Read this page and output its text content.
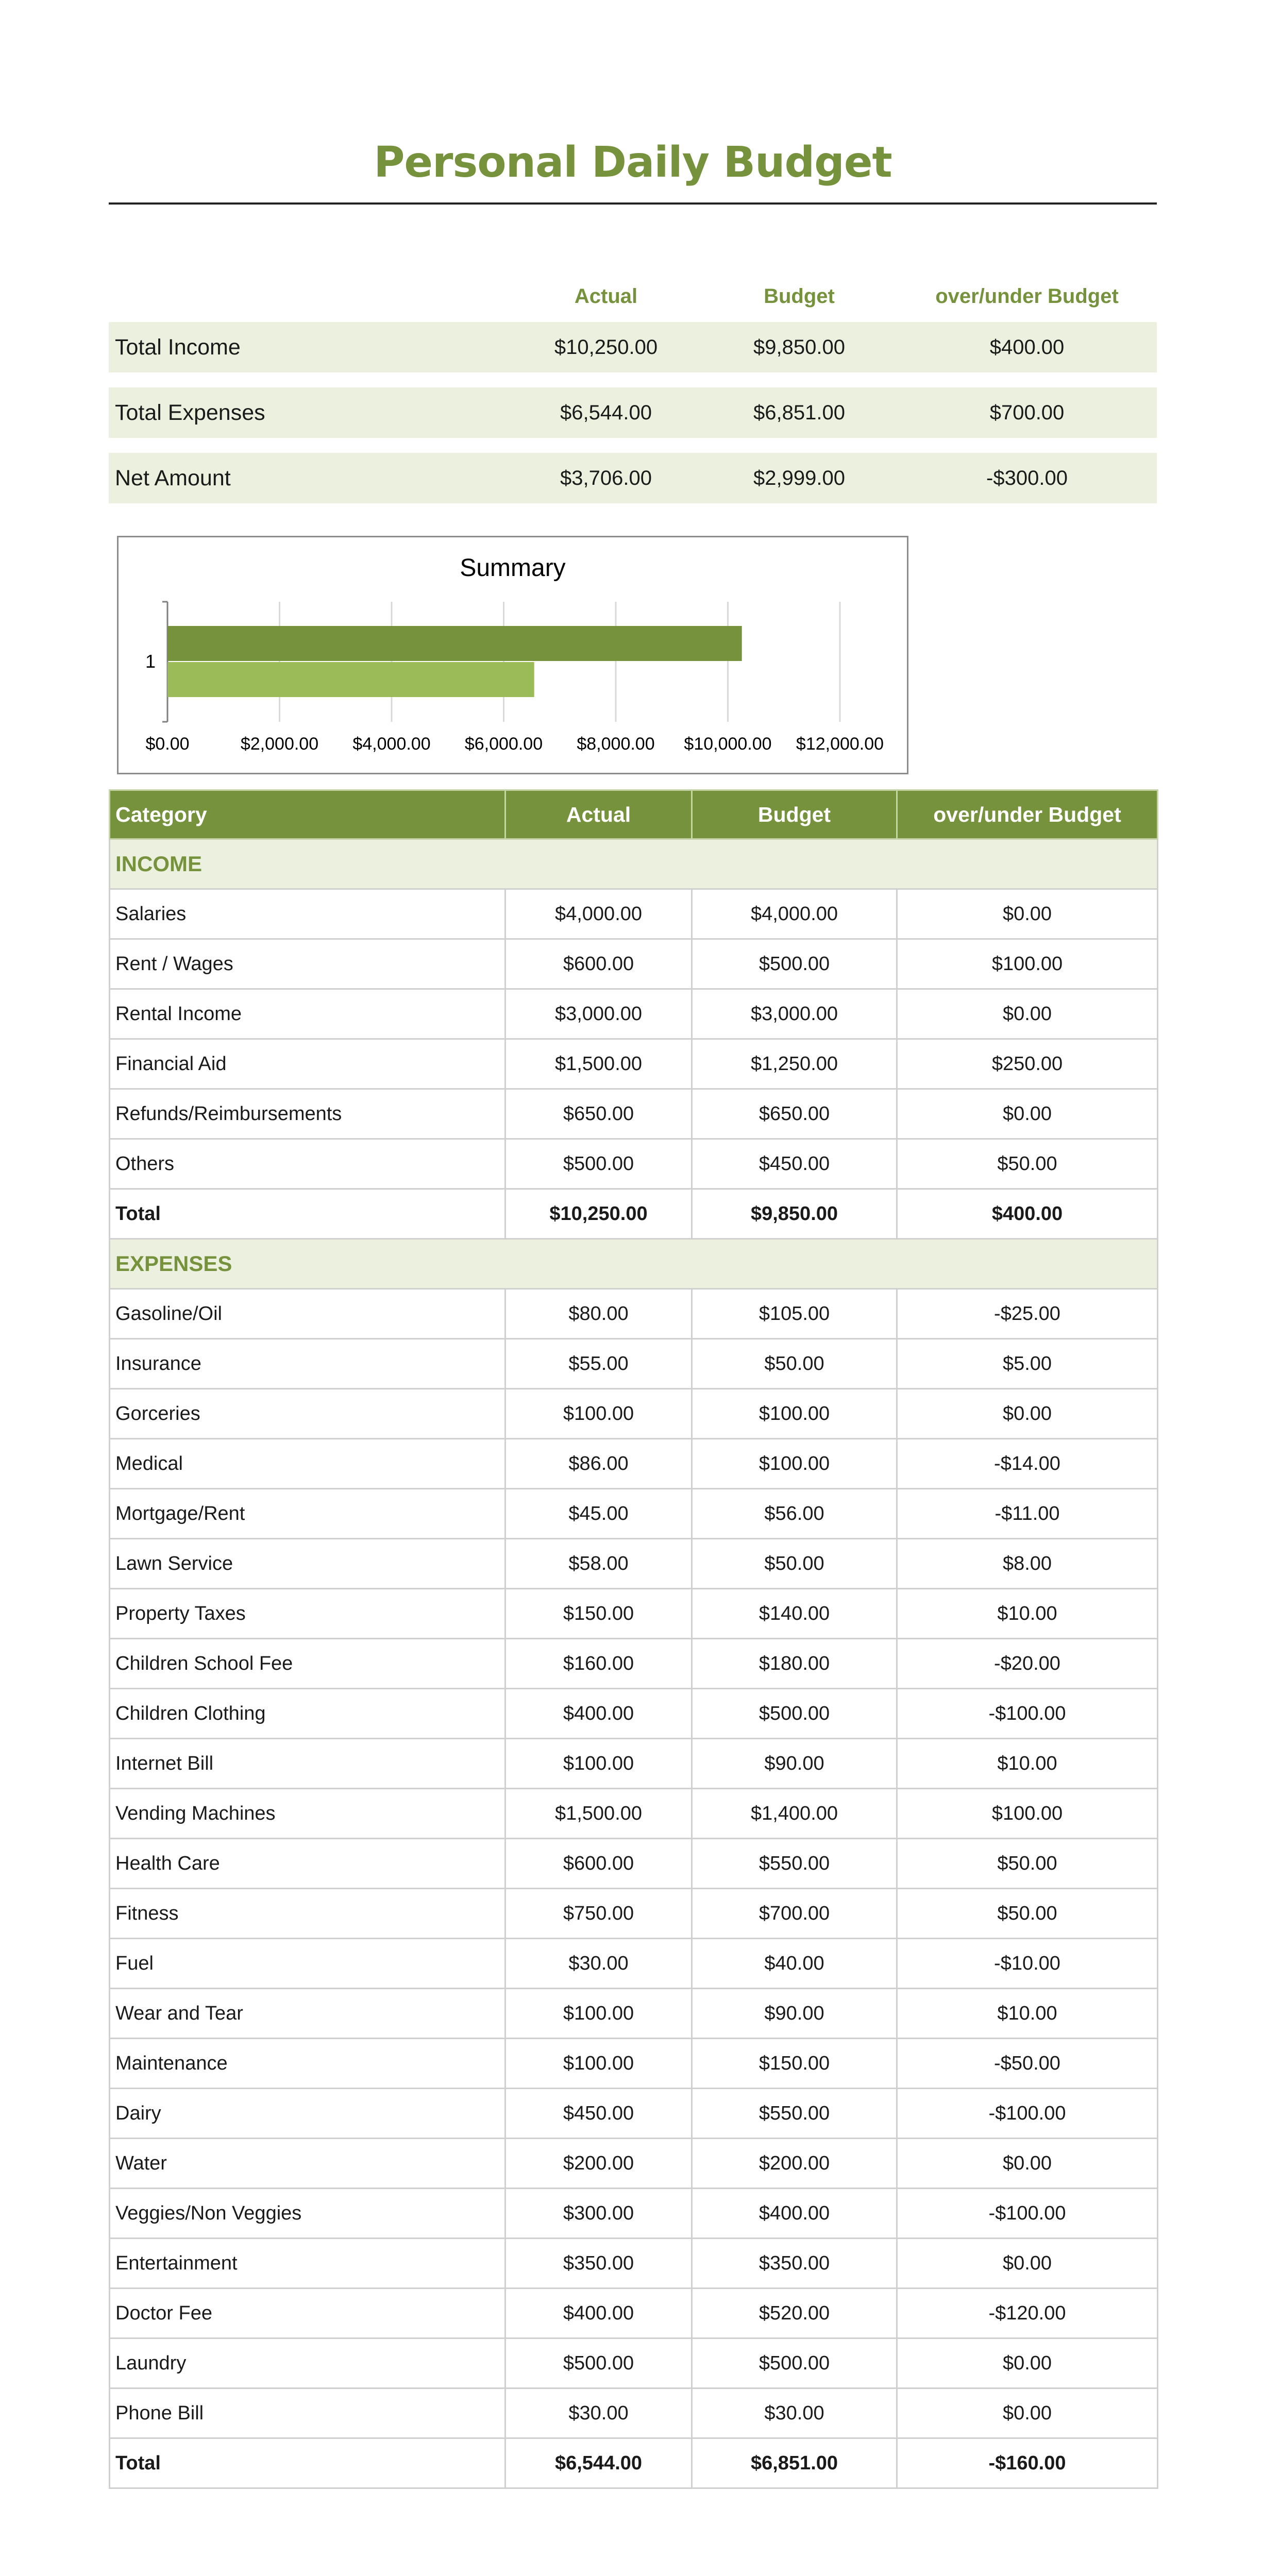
Personal Daily Budget
Actual	Budget	over/under Budget
Total Income	$10,250.00	$9,850.00	$400.00
Total Expenses	$6,544.00	$6,851.00	$700.00
Net Amount	$3,706.00	$2,999.00	-$300.00
Summary
$0.00	$2,000.00 $4,000.00 $6,000.00 $8,000.00 $10,000.00 $12,000.00
1
Category	Actual	Budget	over/under Budget
INCOME			
Salaries	$4,000.00	$4,000.00	$0.00
Rent / Wages	$600.00	$500.00	$100.00
Rental Income	$3,000.00	$3,000.00	$0.00
Financial Aid	$1,500.00	$1,250.00	$250.00
Refunds/Reimbursements	$650.00	$650.00	$0.00
Others	$500.00	$450.00	$50.00
Total	$10,250.00	$9,850.00	$400.00
EXPENSES			
Gasoline/Oil	$80.00	$105.00	-$25.00
Insurance	$55.00	$50.00	$5.00
Gorceries	$100.00	$100.00	$0.00
Medical	$86.00	$100.00	-$14.00
Mortgage/Rent	$45.00	$56.00	-$11.00
Lawn Service	$58.00	$50.00	$8.00
Property Taxes	$150.00	$140.00	$10.00
Children School Fee	$160.00	$180.00	-$20.00
Children Clothing	$400.00	$500.00	-$100.00
Internet Bill	$100.00	$90.00	$10.00
Vending Machines	$1,500.00	$1,400.00	$100.00
Health Care	$600.00	$550.00	$50.00
Fitness	$750.00	$700.00	$50.00
Fuel	$30.00	$40.00	-$10.00
Wear and Tear	$100.00	$90.00	$10.00
Maintenance	$100.00	$150.00	-$50.00
Dairy	$450.00	$550.00	-$100.00
Water	$200.00	$200.00	$0.00
Veggies/Non Veggies	$300.00	$400.00	-$100.00
Entertainment	$350.00	$350.00	$0.00
Doctor Fee	$400.00	$520.00	-$120.00
Laundry	$500.00	$500.00	$0.00
Phone Bill	$30.00	$30.00	$0.00
Total	$6,544.00	$6,851.00	-$160.00
